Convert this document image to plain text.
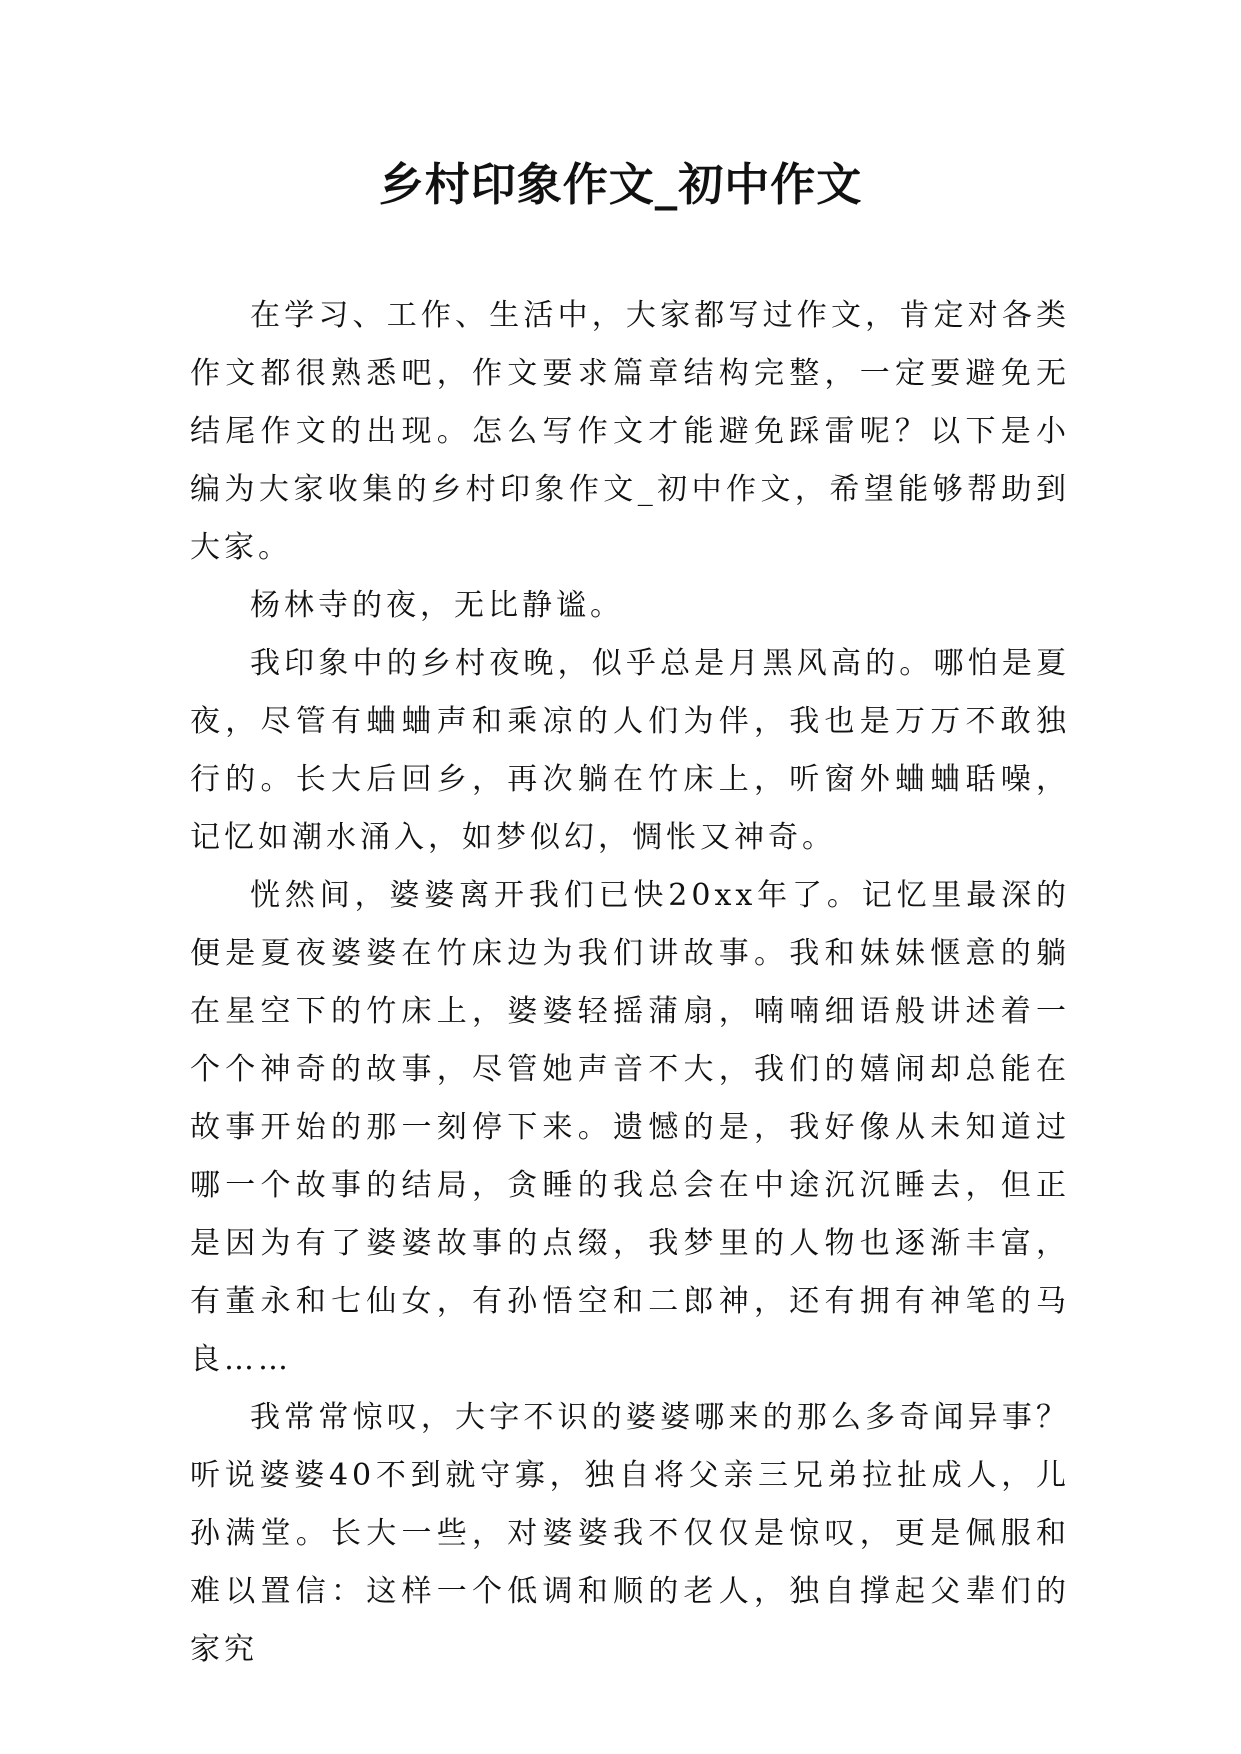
乡村印象作文_初中作文

在学习、工作、生活中，大家都写过作文，肯定对各类作文都很熟悉吧，作文要求篇章结构完整，一定要避免无结尾作文的出现。怎么写作文才能避免踩雷呢？以下是小编为大家收集的乡村印象作文_初中作文，希望能够帮助到大家。

杨林寺的夜，无比静谧。

我印象中的乡村夜晚，似乎总是月黑风高的。哪怕是夏夜，尽管有蛐蛐声和乘凉的人们为伴，我也是万万不敢独行的。长大后回乡，再次躺在竹床上，听窗外蛐蛐聒噪，记忆如潮水涌入，如梦似幻，惆怅又神奇。

恍然间，婆婆离开我们已快20xx年了。记忆里最深的便是夏夜婆婆在竹床边为我们讲故事。我和妹妹惬意的躺在星空下的竹床上，婆婆轻摇蒲扇，喃喃细语般讲述着一个个神奇的故事，尽管她声音不大，我们的嬉闹却总能在故事开始的那一刻停下来。遗憾的是，我好像从未知道过哪一个故事的结局，贪睡的我总会在中途沉沉睡去，但正是因为有了婆婆故事的点缀，我梦里的人物也逐渐丰富，有董永和七仙女，有孙悟空和二郎神，还有拥有神笔的马良……

我常常惊叹，大字不识的婆婆哪来的那么多奇闻异事？听说婆婆40不到就守寡，独自将父亲三兄弟拉扯成人，儿孙满堂。长大一些，对婆婆我不仅仅是惊叹，更是佩服和难以置信：这样一个低调和顺的老人，独自撑起父辈们的家究
